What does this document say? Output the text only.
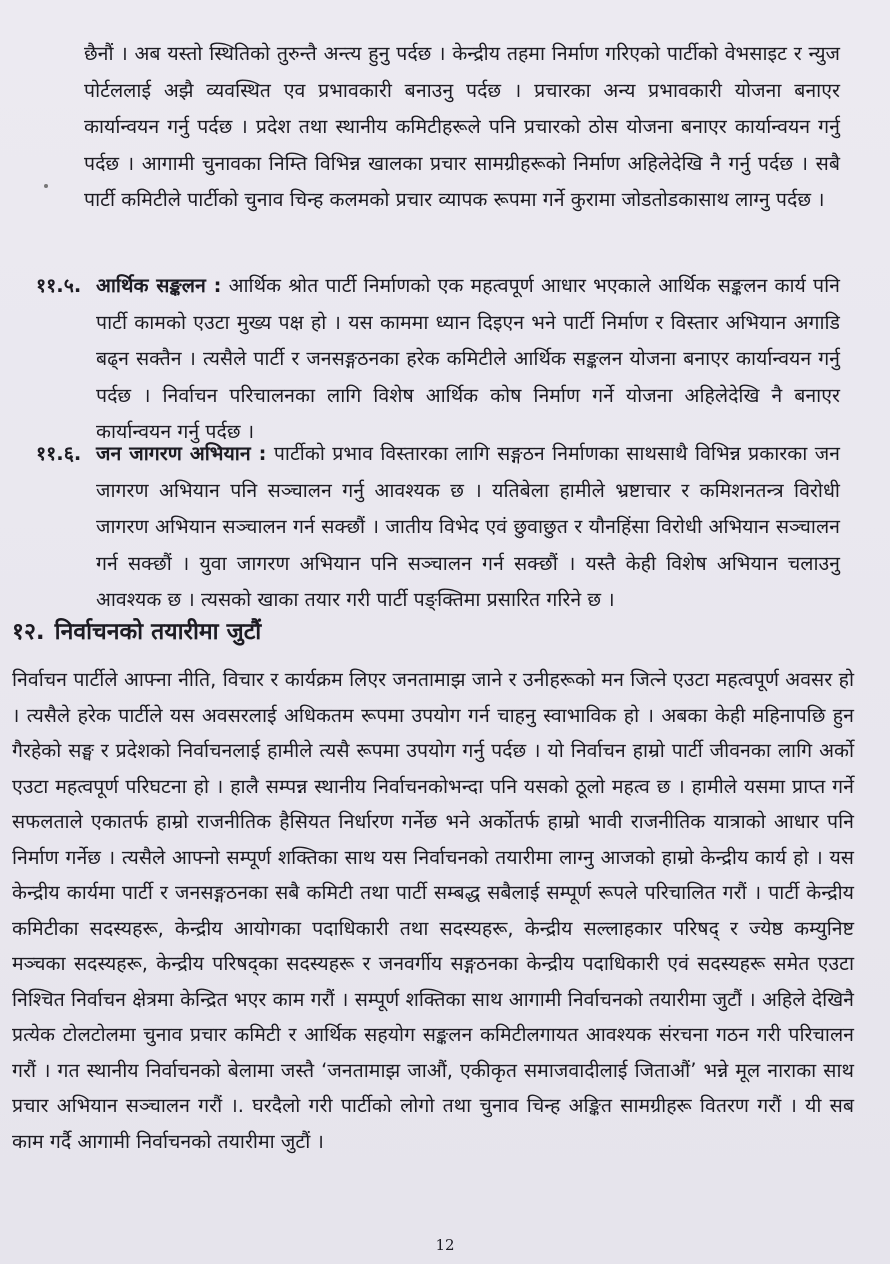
छैनौं । अब यस्तो स्थितिको तुरुन्तै अन्त्य हुनु पर्दछ । केन्द्रीय तहमा निर्माण गरिएको पार्टीको वेभसाइट र न्युज पोर्टललाई अझै व्यवस्थित एव प्रभावकारी बनाउनु पर्दछ । प्रचारका अन्य प्रभावकारी योजना बनाएर कार्यान्वयन गर्नु पर्दछ । प्रदेश तथा स्थानीय कमिटीहरूले पनि प्रचारको ठोस योजना बनाएर कार्यान्वयन गर्नु पर्दछ । आगामी चुनावका निम्ति विभिन्न खालका प्रचार सामग्रीहरूको निर्माण अहिलेदेखि नै गर्नु पर्दछ । सबै पार्टी कमिटीले पार्टीको चुनाव चिन्ह कलमको प्रचार व्यापक रूपमा गर्ने कुरामा जोडतोडकासाथ लाग्नु पर्दछ ।

११.५. आर्थिक सङ्कलन : आर्थिक श्रोत पार्टी निर्माणको एक महत्वपूर्ण आधार भएकाले आर्थिक सङ्कलन कार्य पनि पार्टी कामको एउटा मुख्य पक्ष हो । यस काममा ध्यान दिइएन भने पार्टी निर्माण र विस्तार अभियान अगाडि बढ्न सक्तैन । त्यसैले पार्टी र जनसङ्गठनका हरेक कमिटीले आर्थिक सङ्कलन योजना बनाएर कार्यान्वयन गर्नु पर्दछ । निर्वाचन परिचालनका लागि विशेष आर्थिक कोष निर्माण गर्ने योजना अहिलेदेखि नै बनाएर कार्यान्वयन गर्नु पर्दछ ।

११.६. जन जागरण अभियान : पार्टीको प्रभाव विस्तारका लागि सङ्गठन निर्माणका साथसाथै विभिन्न प्रकारका जन जागरण अभियान पनि सञ्चालन गर्नु आवश्यक छ । यतिबेला हामीले भ्रष्टाचार र कमिशनतन्त्र विरोधी जागरण अभियान सञ्चालन गर्न सक्छौं । जातीय विभेद एवं छुवाछुत र यौनहिंसा विरोधी अभियान सञ्चालन गर्न सक्छौं । युवा जागरण अभियान पनि सञ्चालन गर्न सक्छौं । यस्तै केही विशेष अभियान चलाउनु आवश्यक छ । त्यसको खाका तयार गरी पार्टी पङ्क्तिमा प्रसारित गरिने छ ।

१२. निर्वाचनको तयारीमा जुटौं

निर्वाचन पार्टीले आफ्ना नीति, विचार र कार्यक्रम लिएर जनतामाझ जाने र उनीहरूको मन जित्ने एउटा महत्वपूर्ण अवसर हो । त्यसैले हरेक पार्टीले यस अवसरलाई अधिकतम रूपमा उपयोग गर्न चाहनु स्वाभाविक हो । अबका केही महिनापछि हुन गैरहेको सङ्घ र प्रदेशको निर्वाचनलाई हामीले त्यसै रूपमा उपयोग गर्नु पर्दछ । यो निर्वाचन हाम्रो पार्टी जीवनका लागि अर्को एउटा महत्वपूर्ण परिघटना हो । हालै सम्पन्न स्थानीय निर्वाचनकोभन्दा पनि यसको ठूलो महत्व छ । हामीले यसमा प्राप्त गर्ने सफलताले एकातर्फ हाम्रो राजनीतिक हैसियत निर्धारण गर्नेछ भने अर्कोतर्फ हाम्रो भावी राजनीतिक यात्राको आधार पनि निर्माण गर्नेछ । त्यसैले आफ्नो सम्पूर्ण शक्तिका साथ यस निर्वाचनको तयारीमा लाग्नु आजको हाम्रो केन्द्रीय कार्य हो । यस केन्द्रीय कार्यमा पार्टी र जनसङ्गठनका सबै कमिटी तथा पार्टी सम्बद्ध सबैलाई सम्पूर्ण रूपले परिचालित गरौं । पार्टी केन्द्रीय कमिटीका सदस्यहरू, केन्द्रीय आयोगका पदाधिकारी तथा सदस्यहरू, केन्द्रीय सल्लाहकार परिषद् र ज्येष्ठ कम्युनिष्ट मञ्चका सदस्यहरू, केन्द्रीय परिषद्का सदस्यहरू र जनवर्गीय सङ्गठनका केन्द्रीय पदाधिकारी एवं सदस्यहरू समेत एउटा निश्चित निर्वाचन क्षेत्रमा केन्द्रित भएर काम गरौं । सम्पूर्ण शक्तिका साथ आगामी निर्वाचनको तयारीमा जुटौं । अहिले देखिनै प्रत्येक टोलटोलमा चुनाव प्रचार कमिटी र आर्थिक सहयोग सङ्कलन कमिटीलगायत आवश्यक संरचना गठन गरी परिचालन गरौं । गत स्थानीय निर्वाचनको बेलामा जस्तै ‘जनतामाझ जाऔं, एकीकृत समाजवादीलाई जिताऔं’ भन्ने मूल नाराका साथ प्रचार अभियान सञ्चालन गरौं ।. घरदैलो गरी पार्टीको लोगो तथा चुनाव चिन्ह अङ्कित सामग्रीहरू वितरण गरौं । यी सब काम गर्दै आगामी निर्वाचनको तयारीमा जुटौं ।

12
